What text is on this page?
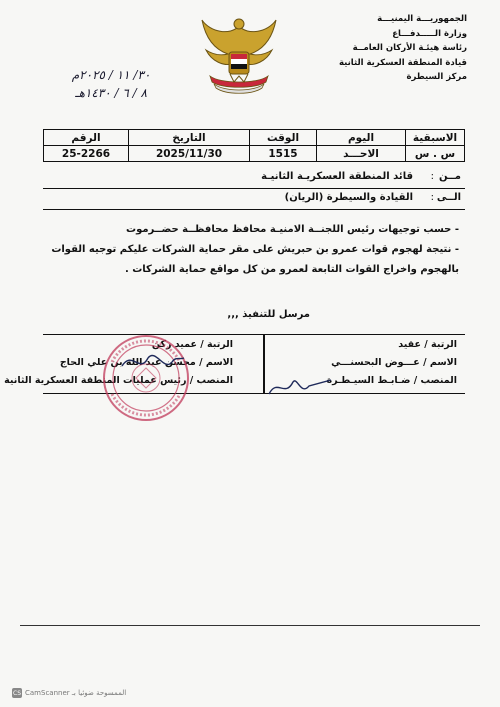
الجمهوريـــة اليمنيـــة
وزارة الـــــدفـــاع
رئاسة هيئـة الأركان العامــة
قيادة المنطقة العسكرية الثانية
مركز السيطرة
٣٠/ ١١ / ٢٠٢٥م
٨ / ٦ / ١٤٣٠هـ
الاسبقية	اليوم	الوقت	التاريخ	الرقم
س . س	الاحـــد	1515	2025/11/30	25-2266
مــن
:
قائد المنطقة العسكريـة الثانيـة
الــى
:
القيادة والسيطرة (الريان)
- حسب توجيهات رئيس اللجنــة الامنيـة محافظ محافظــة حضــرموت
- نتيجة لهجوم قوات عمرو بن حبريش على مقر حماية الشركات عليكم توجيه القوات
بالهجوم واخراج القوات التابعة لعمرو من كل مواقع حماية الشركات .
مرسل للتنفيذ ,,,
الرتبة / عقيد
الاسم / عـــوض البحسنـــي
المنصب / ضـابـط السيـطـرة
الرتبة / عميد ركن
الاسم / محسن عبد الله بن علي الحاج
المنصب / رئيس عمليات المنطقة العسكرية الثانية
CS CamScanner الممسوحة ضوئيا بـ
